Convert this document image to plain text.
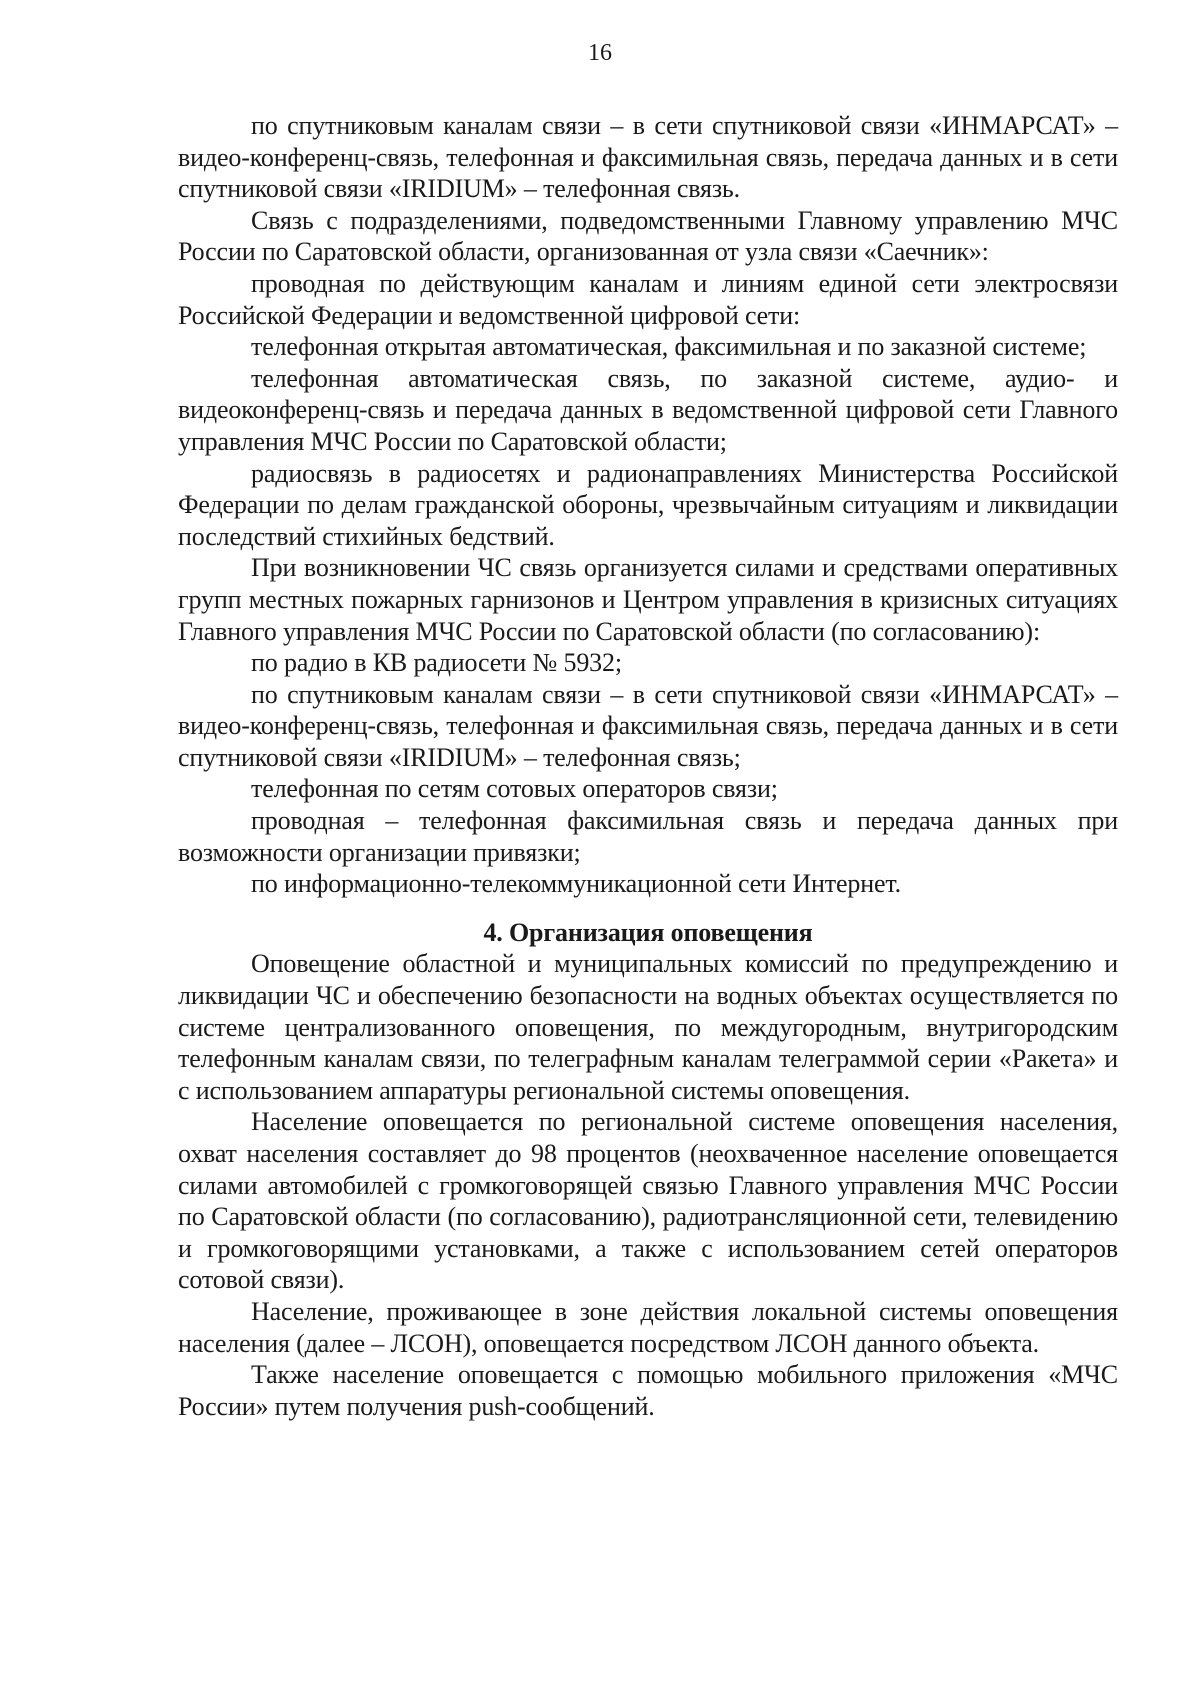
16

по спутниковым каналам связи – в сети спутниковой связи «ИНМАРСАТ» – видео-конференц-связь, телефонная и факсимильная связь, передача данных и в сети спутниковой связи «IRIDIUM» – телефонная связь.

Связь с подразделениями, подведомственными Главному управлению МЧС России по Саратовской области, организованная от узла связи «Саечник»:

проводная по действующим каналам и линиям единой сети электросвязи Российской Федерации и ведомственной цифровой сети:

телефонная открытая автоматическая, факсимильная и по заказной системе;

телефонная автоматическая связь, по заказной системе, аудио- и видеоконференц-связь и передача данных в ведомственной цифровой сети Главного управления МЧС России по Саратовской области;

радиосвязь в радиосетях и радионаправлениях Министерства Российской Федерации по делам гражданской обороны, чрезвычайным ситуациям и ликвидации последствий стихийных бедствий.

При возникновении ЧС связь организуется силами и средствами оперативных групп местных пожарных гарнизонов и Центром управления в кризисных ситуациях Главного управления МЧС России по Саратовской области (по согласованию):

по радио в КВ радиосети № 5932;

по спутниковым каналам связи – в сети спутниковой связи «ИНМАРСАТ» – видео-конференц-связь, телефонная и факсимильная связь, передача данных и в сети спутниковой связи «IRIDIUM» – телефонная связь;

телефонная по сетям сотовых операторов связи;

проводная – телефонная факсимильная связь и передача данных при возможности организации привязки;

по информационно-телекоммуникационной сети Интернет.

4. Организация оповещения

Оповещение областной и муниципальных комиссий по предупреждению и ликвидации ЧС и обеспечению безопасности на водных объектах осуществляется по системе централизованного оповещения, по междугородным, внутригородским телефонным каналам связи, по телеграфным каналам телеграммой серии «Ракета» и с использованием аппаратуры региональной системы оповещения.

Население оповещается по региональной системе оповещения населения, охват населения составляет до 98 процентов (неохваченное население оповещается силами автомобилей с громкоговорящей связью Главного управления МЧС России по Саратовской области (по согласованию), радиотрансляционной сети, телевидению и громкоговорящими установками, а также с использованием сетей операторов сотовой связи).

Население, проживающее в зоне действия локальной системы оповещения населения (далее – ЛСОН), оповещается посредством ЛСОН данного объекта.

Также население оповещается с помощью мобильного приложения «МЧС России» путем получения push-сообщений.
